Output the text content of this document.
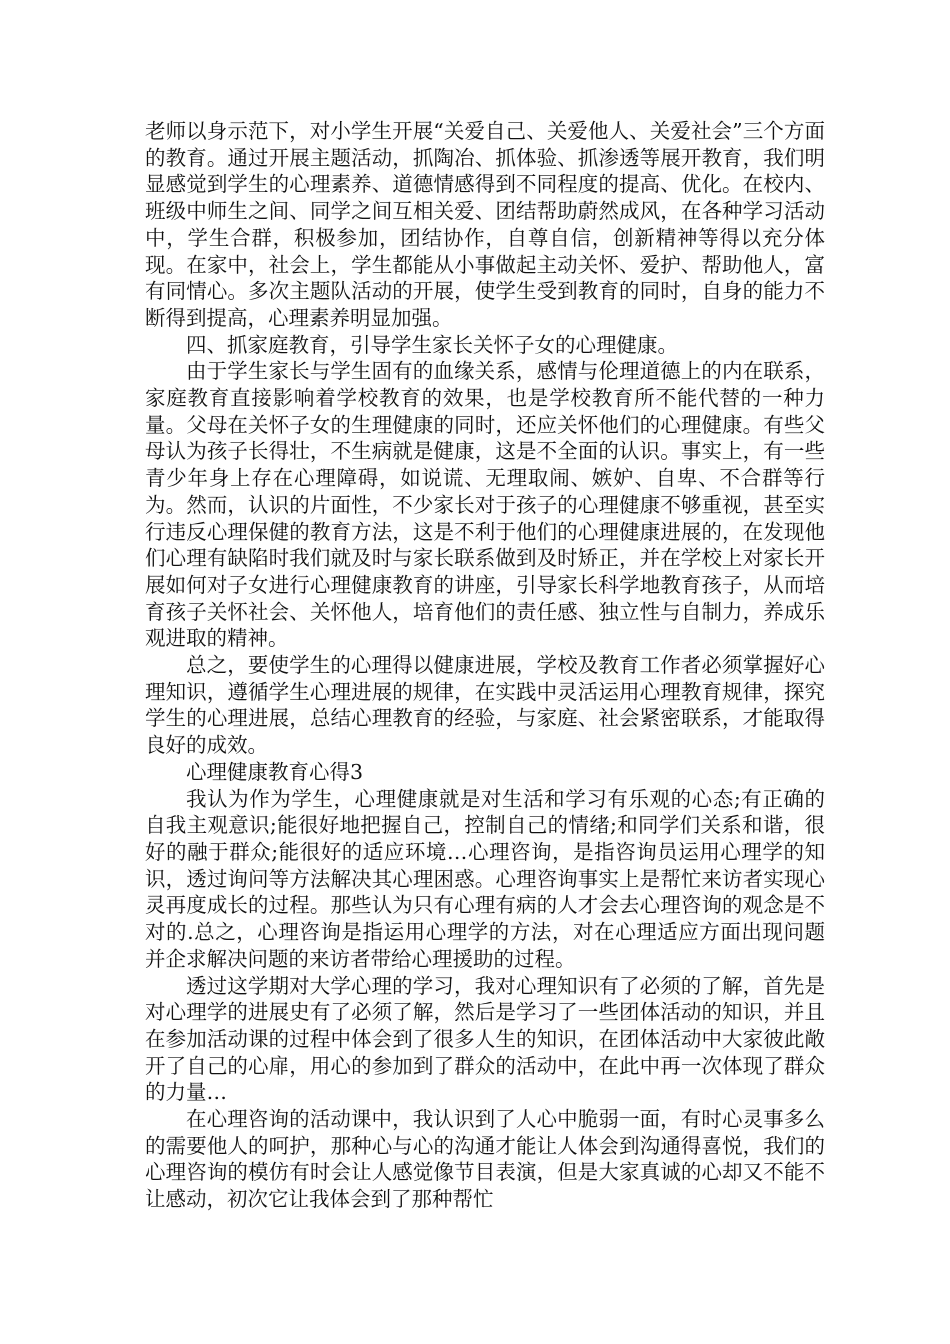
老师以身示范下，对小学生开展“关爱自己、关爱他人、关爱社会”三个方面的教育。通过开展主题活动，抓陶冶、抓体验、抓渗透等展开教育，我们明显感觉到学生的心理素养、道德情感得到不同程度的提高、优化。在校内、班级中师生之间、同学之间互相关爱、团结帮助蔚然成风，在各种学习活动中，学生合群，积极参加，团结协作，自尊自信，创新精神等得以充分体现。在家中，社会上，学生都能从小事做起主动关怀、爱护、帮助他人，富有同情心。多次主题队活动的开展，使学生受到教育的同时，自身的能力不断得到提高，心理素养明显加强。

四、抓家庭教育，引导学生家长关怀子女的心理健康。

由于学生家长与学生固有的血缘关系，感情与伦理道德上的内在联系，家庭教育直接影响着学校教育的效果，也是学校教育所不能代替的一种力量。父母在关怀子女的生理健康的同时，还应关怀他们的心理健康。有些父母认为孩子长得壮，不生病就是健康，这是不全面的认识。事实上，有一些青少年身上存在心理障碍，如说谎、无理取闹、嫉妒、自卑、不合群等行为。然而，认识的片面性，不少家长对于孩子的心理健康不够重视，甚至实行违反心理保健的教育方法，这是不利于他们的心理健康进展的，在发现他们心理有缺陷时我们就及时与家长联系做到及时矫正，并在学校上对家长开展如何对子女进行心理健康教育的讲座，引导家长科学地教育孩子，从而培育孩子关怀社会、关怀他人，培育他们的责任感、独立性与自制力，养成乐观进取的精神。

总之，要使学生的心理得以健康进展，学校及教育工作者必须掌握好心理知识，遵循学生心理进展的规律，在实践中灵活运用心理教育规律，探究学生的心理进展，总结心理教育的经验，与家庭、社会紧密联系，才能取得良好的成效。

心理健康教育心得3

我认为作为学生，心理健康就是对生活和学习有乐观的心态;有正确的自我主观意识;能很好地把握自己，控制自己的情绪;和同学们关系和谐，很好的融于群众;能很好的适应环境…心理咨询，是指咨询员运用心理学的知识，透过询问等方法解决其心理困惑。心理咨询事实上是帮忙来访者实现心灵再度成长的过程。那些认为只有心理有病的人才会去心理咨询的观念是不对的.总之，心理咨询是指运用心理学的方法，对在心理适应方面出现问题并企求解决问题的来访者带给心理援助的过程。

透过这学期对大学心理的学习，我对心理知识有了必须的了解，首先是对心理学的进展史有了必须了解，然后是学习了一些团体活动的知识，并且在参加活动课的过程中体会到了很多人生的知识，在团体活动中大家彼此敞开了自己的心扉，用心的参加到了群众的活动中，在此中再一次体现了群众的力量…

在心理咨询的活动课中，我认识到了人心中脆弱一面，有时心灵事多么的需要他人的呵护，那种心与心的沟通才能让人体会到沟通得喜悦，我们的心理咨询的模仿有时会让人感觉像节目表演，但是大家真诚的心却又不能不让感动，初次它让我体会到了那种帮忙
